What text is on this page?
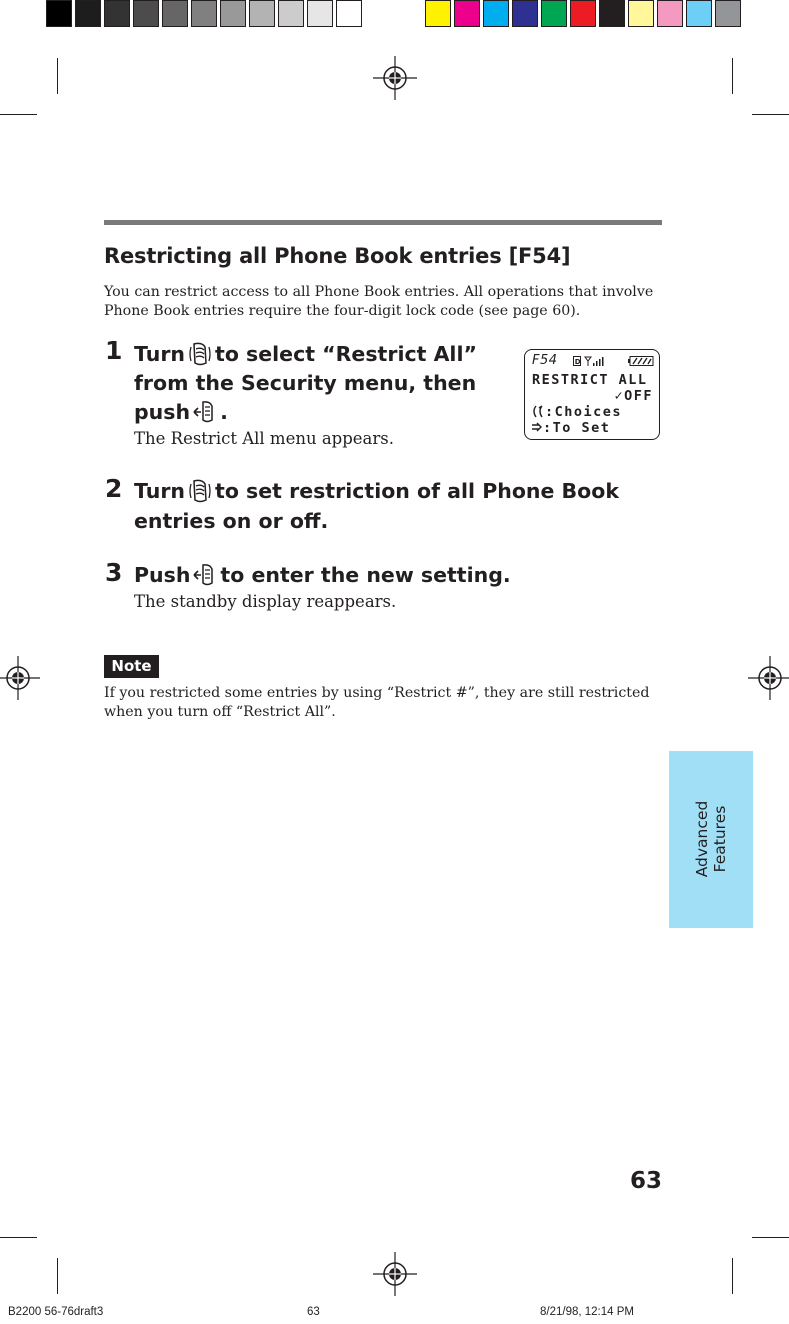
Restricting all Phone Book entries [F54]
You can restrict access to all Phone Book entries. All operations that involve Phone Book entries require the four-digit lock code (see page 60).
1 Turn to select “Restrict All”
from the Security menu, then
push .
The Restrict All menu appears.
F54 D
RESTRICT ALL
✓OFF
:Choices
:To Set
2 Turn to set restriction of all Phone Book
entries on or off.
3 Push to enter the new setting.
The standby display reappears.
Note
If you restricted some entries by using “Restrict #”, they are still restricted when you turn off “Restrict All”.
Advanced Features
63
B2200 56-76draft3	63	8/21/98, 12:14 PM
